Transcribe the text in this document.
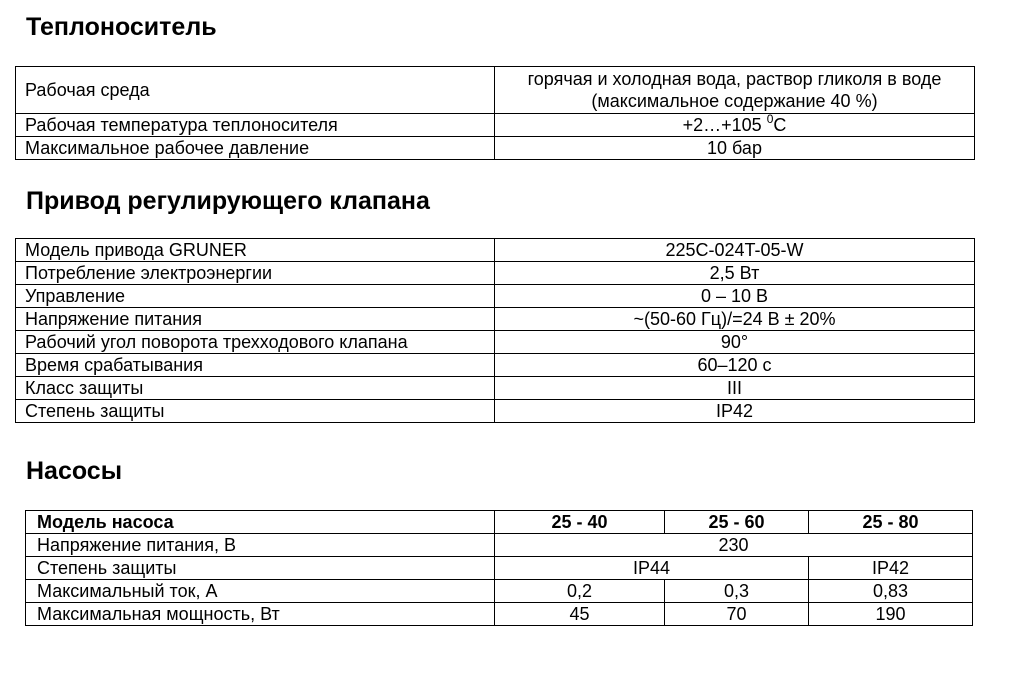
Теплоноситель
Рабочая среда	горячая и холодная вода, раствор гликоля в воде (максимальное содержание 40 %)
Рабочая температура теплоносителя	+2…+105 $^0$C
Максимальное рабочее давление	10 бар
Привод регулирующего клапана
Модель привода GRUNER	225C-024T-05-W
Потребление электроэнергии	2,5 Вт
Управление	0 – 10 В
Напряжение питания	~(50-60 Гц)/=24 В ± 20%
Рабочий угол поворота трехходового клапана	90°
Время срабатывания	60–120 с
Класс защиты	III
Степень защиты	IP42
Насосы
Модель насоса	25 - 40	25 - 60	25 - 80
Напряжение питания, В	230		
Степень защиты	IP44		IP42
Максимальный ток, А	0,2	0,3	0,83
Максимальная мощность, Вт	45	70	190
